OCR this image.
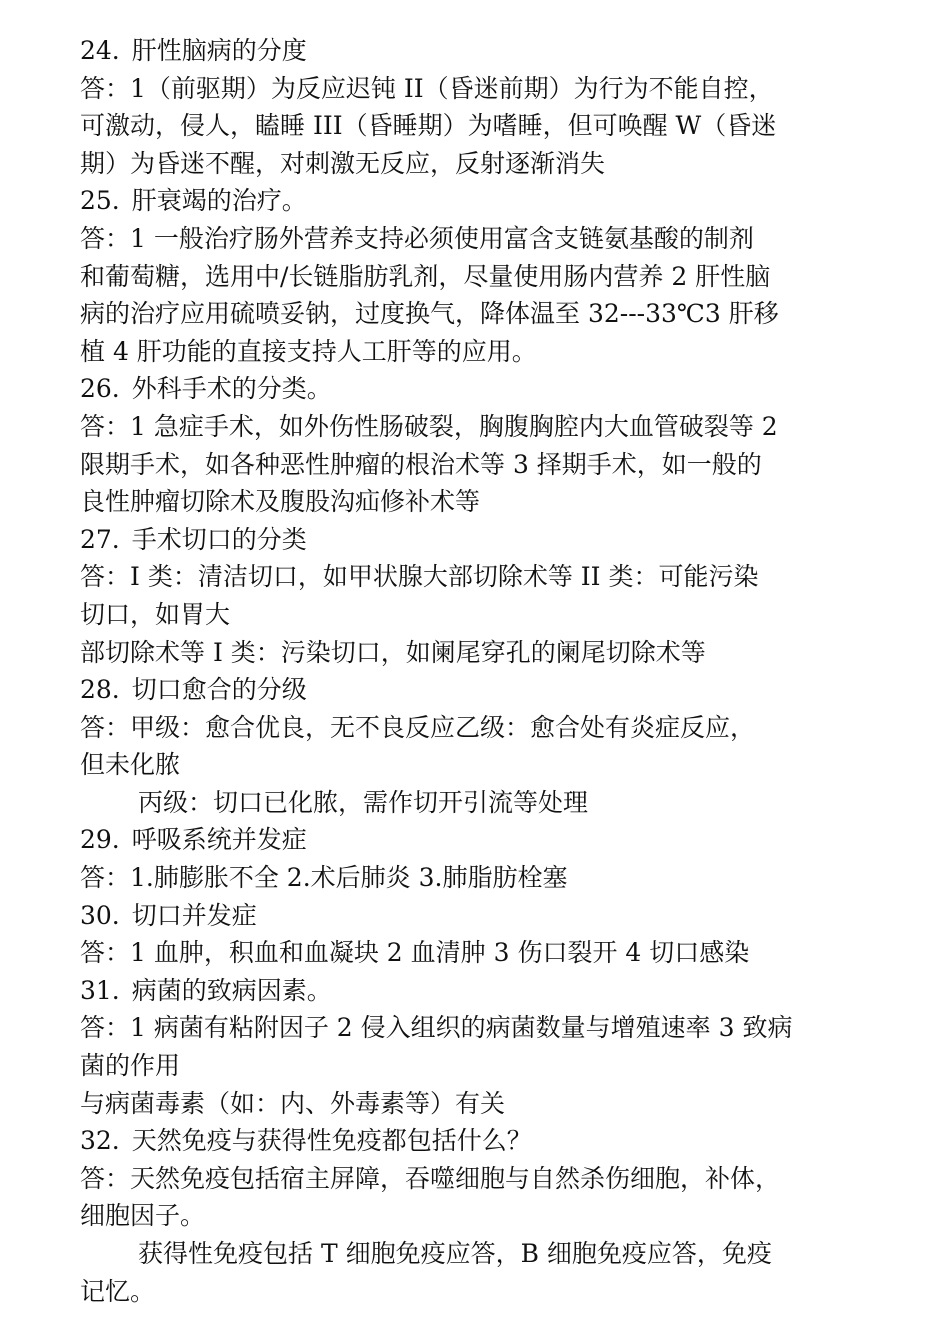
24. 肝性脑病的分度
答：1（前驱期）为反应迟钝 II（昏迷前期）为行为不能自控，
可激动，侵人，瞌睡 III（昏睡期）为嗜睡，但可唤醒 W（昏迷
期）为昏迷不醒，对刺激无反应，反射逐渐消失
25. 肝衰竭的治疗。
答：1 一般治疗肠外营养支持必须使用富含支链氨基酸的制剂
和葡萄糖，选用中/长链脂肪乳剂，尽量使用肠内营养 2 肝性脑
病的治疗应用硫喷妥钠，过度换气，降体温至 32---33℃3 肝移
植 4 肝功能的直接支持人工肝等的应用。
26. 外科手术的分类。
答：1 急症手术，如外伤性肠破裂，胸腹胸腔内大血管破裂等 2
限期手术，如各种恶性肿瘤的根治术等 3 择期手术，如一般的
良性肿瘤切除术及腹股沟疝修补术等
27. 手术切口的分类
答：I 类：清洁切口，如甲状腺大部切除术等 II 类：可能污染
切口，如胃大
部切除术等 I 类：污染切口，如阑尾穿孔的阑尾切除术等
28. 切口愈合的分级
答：甲级：愈合优良，无不良反应乙级：愈合处有炎症反应，
但未化脓
丙级：切口已化脓，需作切开引流等处理
29. 呼吸系统并发症
答：1.肺膨胀不全 2.术后肺炎 3.肺脂肪栓塞
30. 切口并发症
答：1 血肿，积血和血凝块 2 血清肿 3 伤口裂开 4 切口感染
31. 病菌的致病因素。
答：1 病菌有粘附因子 2 侵入组织的病菌数量与增殖速率 3 致病
菌的作用
与病菌毒素（如：内、外毒素等）有关
32. 天然免疫与获得性免疫都包括什么？
答：天然免疫包括宿主屏障，吞噬细胞与自然杀伤细胞，补体，
细胞因子。
获得性免疫包括 T 细胞免疫应答，B 细胞免疫应答，免疫
记忆。
